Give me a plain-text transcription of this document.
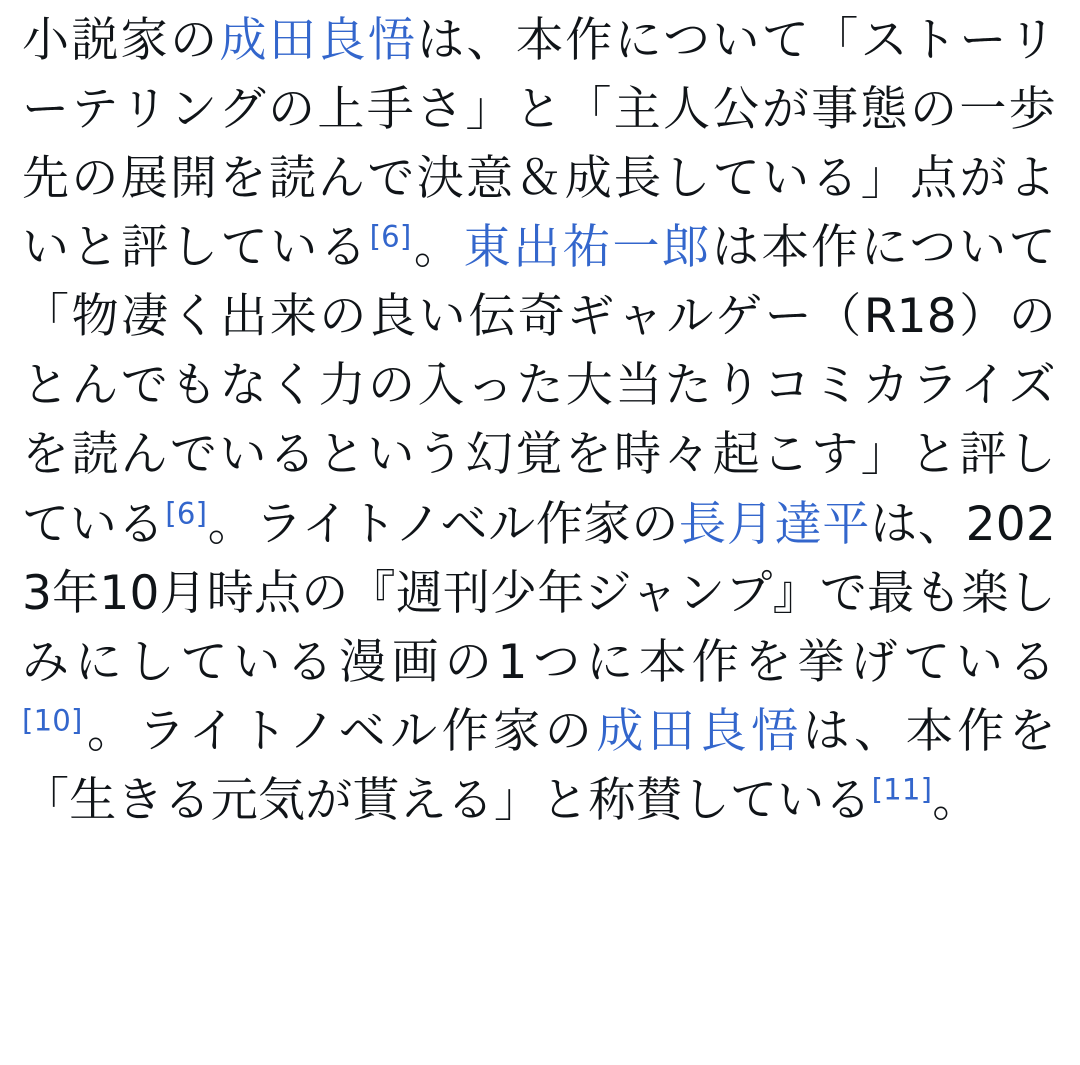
小説家の成田良悟は、本作について「ストーリーテリングの上手さ」と「主人公が事態の一歩先の展開を読んで決意＆成長している」点がよいと評している[6]。東出祐一郎は本作について「物凄く出来の良い伝奇ギャルゲー（R18）のとんでもなく力の入った大当たりコミカライズを読んでいるという幻覚を時々起こす」と評している[6]。ライトノベル作家の長月達平は、2023年10月時点の『週刊少年ジャンプ』で最も楽しみにしている漫画の1つに本作を挙げている[10]。ライトノベル作家の成田良悟は、本作を「生きる元気が貰える」と称賛している[11]。
